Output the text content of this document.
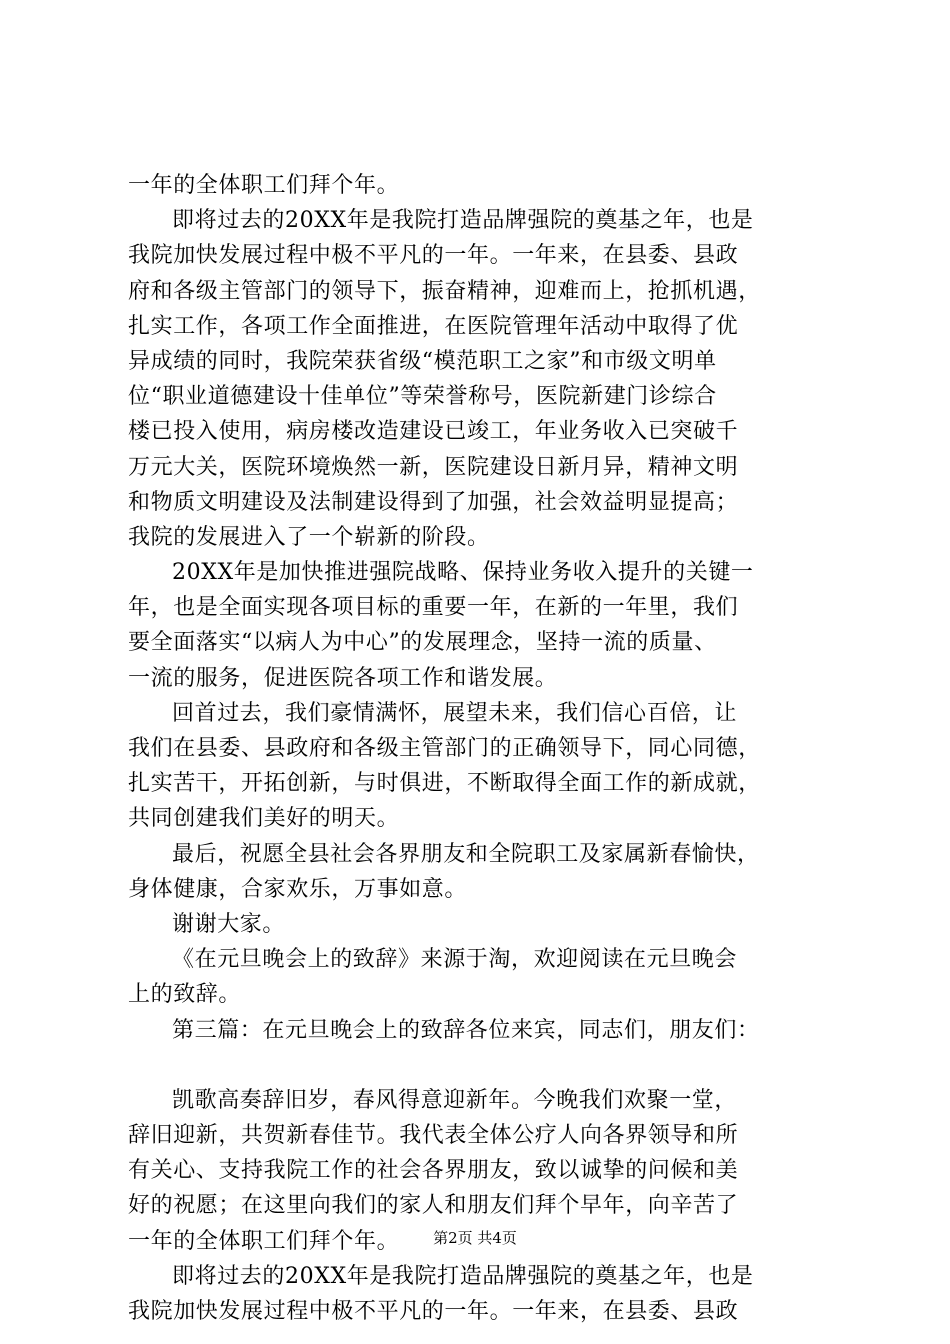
一年的全体职工们拜个年。
即将过去的20XX年是我院打造品牌强院的奠基之年，也是
我院加快发展过程中极不平凡的一年。一年来，在县委、县政
府和各级主管部门的领导下，振奋精神，迎难而上，抢抓机遇，
扎实工作，各项工作全面推进，在医院管理年活动中取得了优
异成绩的同时，我院荣获省级“模范职工之家”和市级文明单
位“职业道德建设十佳单位”等荣誉称号，医院新建门诊综合
楼已投入使用，病房楼改造建设已竣工，年业务收入已突破千
万元大关，医院环境焕然一新，医院建设日新月异，精神文明
和物质文明建设及法制建设得到了加强，社会效益明显提高；
我院的发展进入了一个崭新的阶段。
20XX年是加快推进强院战略、保持业务收入提升的关键一
年，也是全面实现各项目标的重要一年，在新的一年里，我们
要全面落实“以病人为中心”的发展理念，坚持一流的质量、
一流的服务，促进医院各项工作和谐发展。
回首过去，我们豪情满怀，展望未来，我们信心百倍，让
我们在县委、县政府和各级主管部门的正确领导下，同心同德，
扎实苦干，开拓创新，与时俱进，不断取得全面工作的新成就，
共同创建我们美好的明天。
最后，祝愿全县社会各界朋友和全院职工及家属新春愉快，
身体健康，合家欢乐，万事如意。
谢谢大家。
《在元旦晚会上的致辞》来源于淘，欢迎阅读在元旦晚会
上的致辞。
第三篇：在元旦晚会上的致辞各位来宾，同志们，朋友们：
凯歌高奏辞旧岁，春风得意迎新年。今晚我们欢聚一堂，
辞旧迎新，共贺新春佳节。我代表全体公疗人向各界领导和所
有关心、支持我院工作的社会各界朋友，致以诚挚的问候和美
好的祝愿；在这里向我们的家人和朋友们拜个早年，向辛苦了
一年的全体职工们拜个年。
即将过去的20XX年是我院打造品牌强院的奠基之年，也是
我院加快发展过程中极不平凡的一年。一年来，在县委、县政
第2页 共4页
